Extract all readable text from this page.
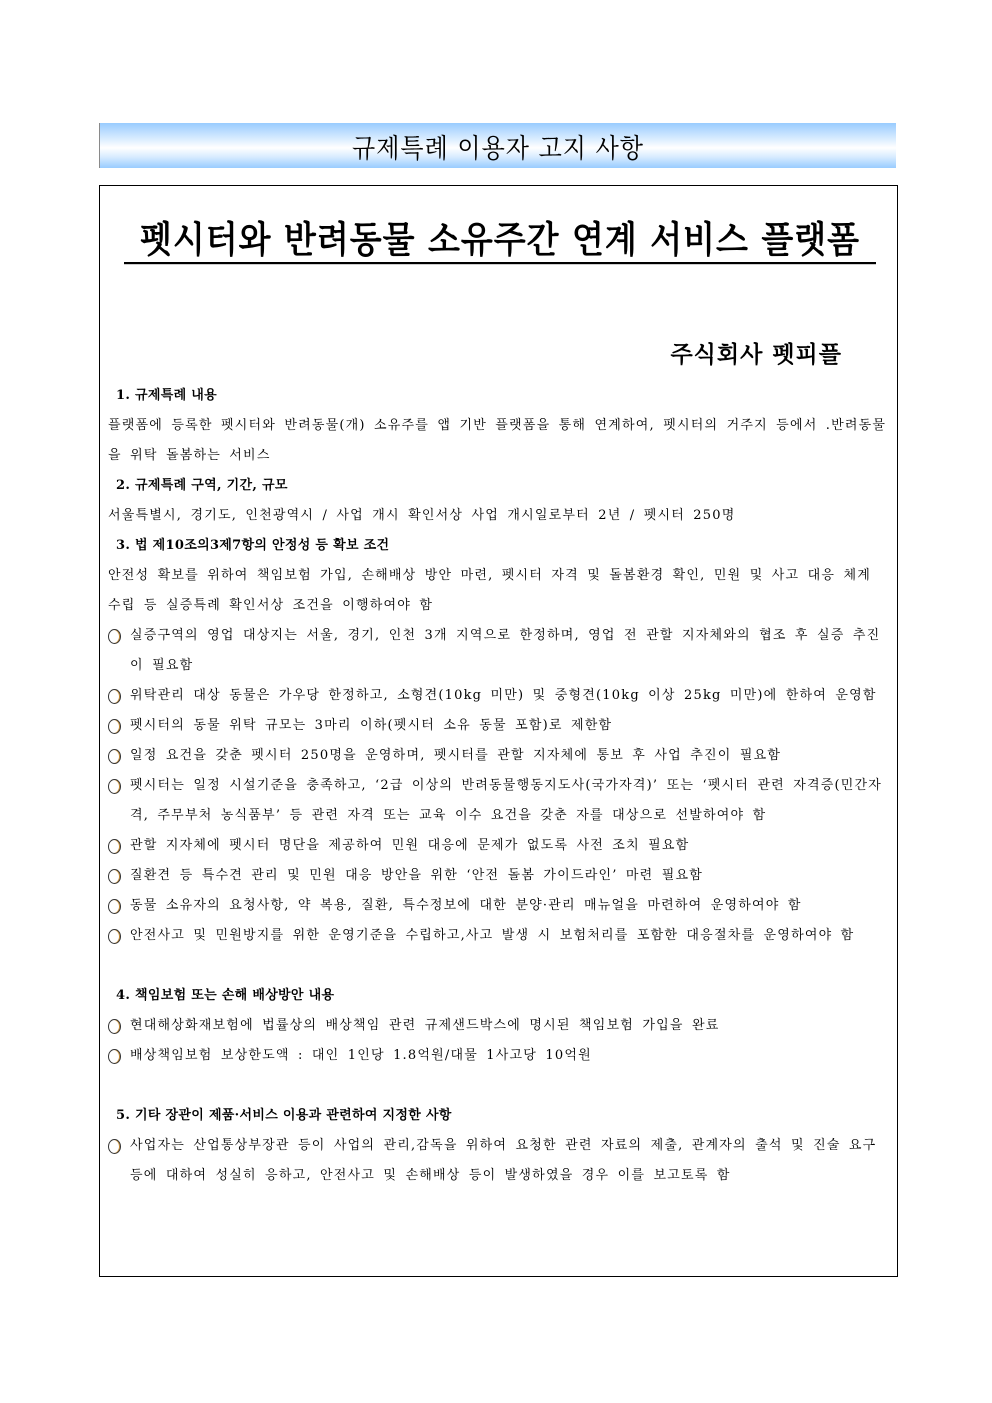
규제특례 이용자 고지 사항
펫시터와 반려동물 소유주간 연계 서비스 플랫폼
주식회사 펫피플
1. 규제특례 내용
플랫폼에 등록한 펫시터와 반려동물(개) 소유주를 앱 기반 플랫폼을 통해 연계하여, 펫시터의 거주지 등에서 .반려동물을 위탁 돌봄하는 서비스
2. 규제특례 구역, 기간, 규모
서울특별시, 경기도, 인천광역시 / 사업 개시 확인서상 사업 개시일로부터 2년 / 펫시터 250명
3. 법 제10조의3제7항의 안정성 등 확보 조건
안전성 확보를 위하여 책임보험 가입, 손해배상 방안 마련, 펫시터 자격 및 돌봄환경 확인, 민원 및 사고 대응 체계 수립 등 실증특례 확인서상 조건을 이행하여야 함
실증구역의 영업 대상지는 서울, 경기, 인천 3개 지역으로 한정하며, 영업 전 관할 지자체와의 협조 후 실증 추진이 필요함
위탁관리 대상 동물은 가우당 한정하고, 소형견(10kg 미만) 및 중형견(10kg 이상 25kg 미만)에 한하여 운영함
펫시터의 동물 위탁 규모는 3마리 이하(펫시터 소유 동물 포함)로 제한함
일정 요건을 갖춘 펫시터 250명을 운영하며, 펫시터를 관할 지자체에 통보 후 사업 추진이 필요함
펫시터는 일정 시설기준을 충족하고, ‘2급 이상의 반려동물행동지도사(국가자격)’ 또는 ‘펫시터 관련 자격증(민간자격, 주무부처 농식품부’ 등 관련 자격 또는 교육 이수 요건을 갖춘 자를 대상으로 선발하여야 함
관할 지자체에 펫시터 명단을 제공하여 민원 대응에 문제가 없도록 사전 조치 필요함
질환견 등 특수견 관리 및 민원 대응 방안을 위한 ‘안전 돌봄 가이드라인’ 마련 필요함
동물 소유자의 요청사항, 약 복용, 질환, 특수정보에 대한 분양·관리 매뉴얼을 마련하여 운영하여야 함
안전사고 및 민원방지를 위한 운영기준을 수립하고,사고 발생 시 보험처리를 포함한 대응절차를 운영하여야 함
4. 책임보험 또는 손해 배상방안 내용
현대해상화재보험에 법률상의 배상책임 관련 규제샌드박스에 명시된 책임보험 가입을 완료
배상책임보험 보상한도액 : 대인 1인당 1.8억원/대물 1사고당 10억원
5. 기타 장관이 제품·서비스 이용과 관련하여 지정한 사항
사업자는 산업통상부장관 등이 사업의 관리,감독을 위하여 요청한 관련 자료의 제출, 관계자의 출석 및 진술 요구 등에 대하여 성실히 응하고, 안전사고 및 손해배상 등이 발생하였을 경우 이를 보고토록 함
